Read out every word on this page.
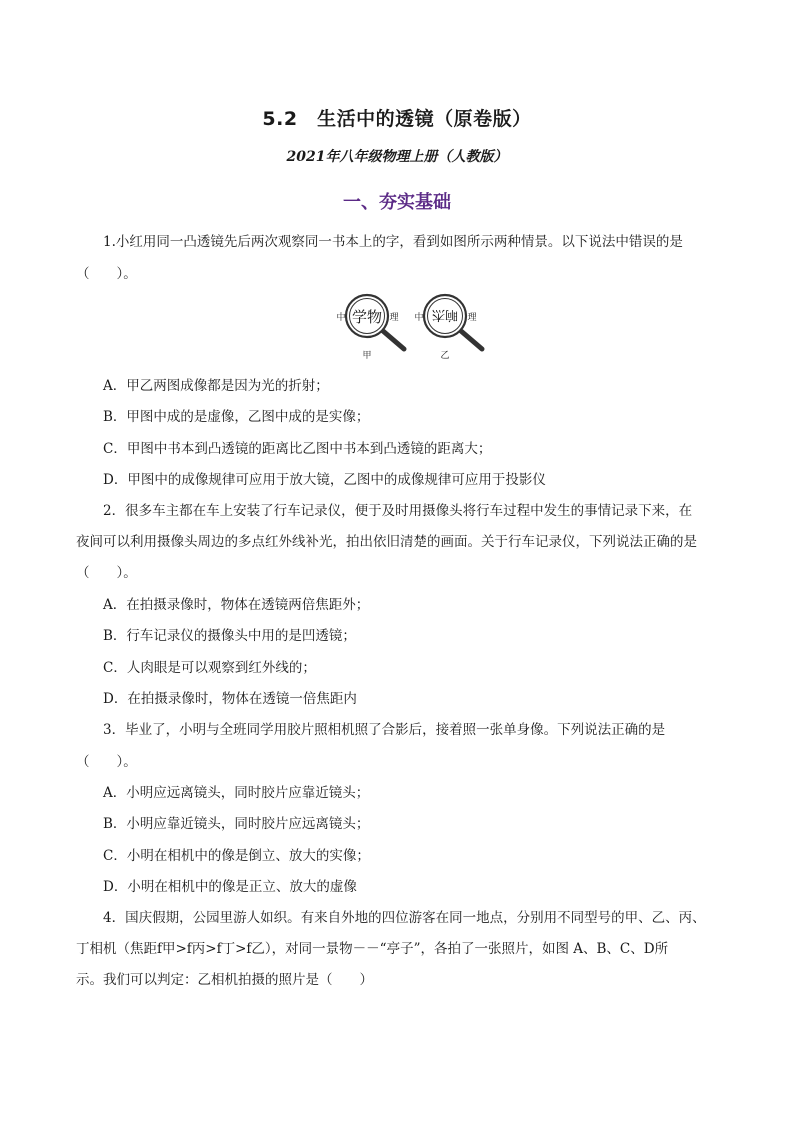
5.2　生活中的透镜（原卷版）
2021年八年级物理上册（人教版）
一、夯实基础
1.小红用同一凸透镜先后两次观察同一书本上的字，看到如图所示两种情景。以下说法中错误的是
（　　）。
学物
中	理
甲
晌杰
中	理
乙
A．甲乙两图成像都是因为光的折射；
B．甲图中成的是虚像，乙图中成的是实像；
C．甲图中书本到凸透镜的距离比乙图中书本到凸透镜的距离大；
D．甲图中的成像规律可应用于放大镜，乙图中的成像规律可应用于投影仪
2．很多车主都在车上安装了行车记录仪，便于及时用摄像头将行车过程中发生的事情记录下来，在
夜间可以利用摄像头周边的多点红外线补光，拍出依旧清楚的画面。关于行车记录仪，下列说法正确的是
（　　）。
A．在拍摄录像时，物体在透镜两倍焦距外；
B．行车记录仪的摄像头中用的是凹透镜；
C．人肉眼是可以观察到红外线的；
D．在拍摄录像时，物体在透镜一倍焦距内
3．毕业了，小明与全班同学用胶片照相机照了合影后，接着照一张单身像。下列说法正确的是
（　　）。
A．小明应远离镜头，同时胶片应靠近镜头；
B．小明应靠近镜头，同时胶片应远离镜头；
C．小明在相机中的像是倒立、放大的实像；
D．小明在相机中的像是正立、放大的虚像
4．国庆假期，公园里游人如织。有来自外地的四位游客在同一地点，分别用不同型号的甲、乙、丙、
丁相机（焦距f甲>f丙>f丁>f乙），对同一景物－－“亭子”，各拍了一张照片，如图 A、B、C、D所
示。我们可以判定：乙相机拍摄的照片是（　　）
